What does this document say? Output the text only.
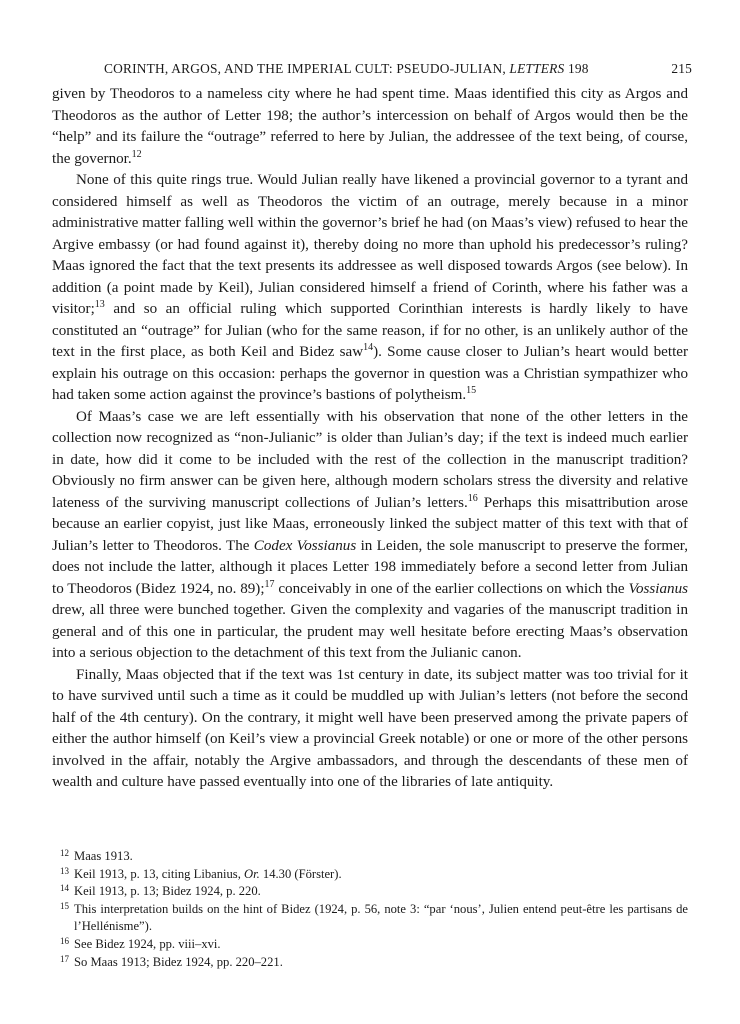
CORINTH, ARGOS, AND THE IMPERIAL CULT: PSEUDO-JULIAN, LETTERS 198	215

given by Theodoros to a nameless city where he had spent time. Maas identified this city as Argos and Theodoros as the author of Letter 198; the author’s intercession on behalf of Argos would then be the “help” and its failure the “outrage” referred to here by Julian, the addressee of the text being, of course, the governor.$^{12}$

None of this quite rings true. Would Julian really have likened a provincial governor to a tyrant and considered himself as well as Theodoros the victim of an outrage, merely because in a minor administrative matter falling well within the governor’s brief he had (on Maas’s view) refused to hear the Argive embassy (or had found against it), thereby doing no more than uphold his predecessor’s ruling? Maas ignored the fact that the text presents its addressee as well disposed towards Argos (see below). In addition (a point made by Keil), Julian considered himself a friend of Corinth, where his father was a visitor;$^{13}$ and so an official ruling which supported Corinthian interests is hardly likely to have constituted an “outrage” for Julian (who for the same reason, if for no other, is an unlikely author of the text in the first place, as both Keil and Bidez saw$^{14}$). Some cause closer to Julian’s heart would better explain his outrage on this occasion: perhaps the governor in question was a Christian sympathizer who had taken some action against the province’s bastions of polytheism.$^{15}$

Of Maas’s case we are left essentially with his observation that none of the other letters in the collection now recognized as “non-Julianic” is older than Julian’s day; if the text is indeed much earlier in date, how did it come to be included with the rest of the collection in the manuscript tradition? Obviously no firm answer can be given here, although modern scholars stress the diversity and relative lateness of the surviving manuscript collections of Julian’s letters.$^{16}$ Perhaps this misattribution arose because an earlier copyist, just like Maas, erroneously linked the subject matter of this text with that of Julian’s letter to Theodoros. The Codex Vossianus in Leiden, the sole manuscript to preserve the former, does not include the latter, although it places Letter 198 immediately before a second letter from Julian to Theodoros (Bidez 1924, no. 89);$^{17}$ conceivably in one of the earlier collections on which the Vossianus drew, all three were bunched together. Given the complexity and vagaries of the manuscript tradition in general and of this one in particular, the prudent may well hesitate before erecting Maas’s observation into a serious objection to the detachment of this text from the Julianic canon.

Finally, Maas objected that if the text was 1st century in date, its subject matter was too trivial for it to have survived until such a time as it could be muddled up with Julian’s letters (not before the second half of the 4th century). On the contrary, it might well have been preserved among the private papers of either the author himself (on Keil’s view a provincial Greek notable) or one or more of the other persons involved in the affair, notably the Argive ambassadors, and through the descendants of these men of wealth and culture have passed eventually into one of the libraries of late antiquity.

12 Maas 1913.

13 Keil 1913, p. 13, citing Libanius, Or. 14.30 (Förster).

14 Keil 1913, p. 13; Bidez 1924, p. 220.

15 This interpretation builds on the hint of Bidez (1924, p. 56, note 3: “par ‘nous’, Julien entend peut-être les partisans de l’Hellénisme”).

16 See Bidez 1924, pp. viii–xvi.

17 So Maas 1913; Bidez 1924, pp. 220–221.
